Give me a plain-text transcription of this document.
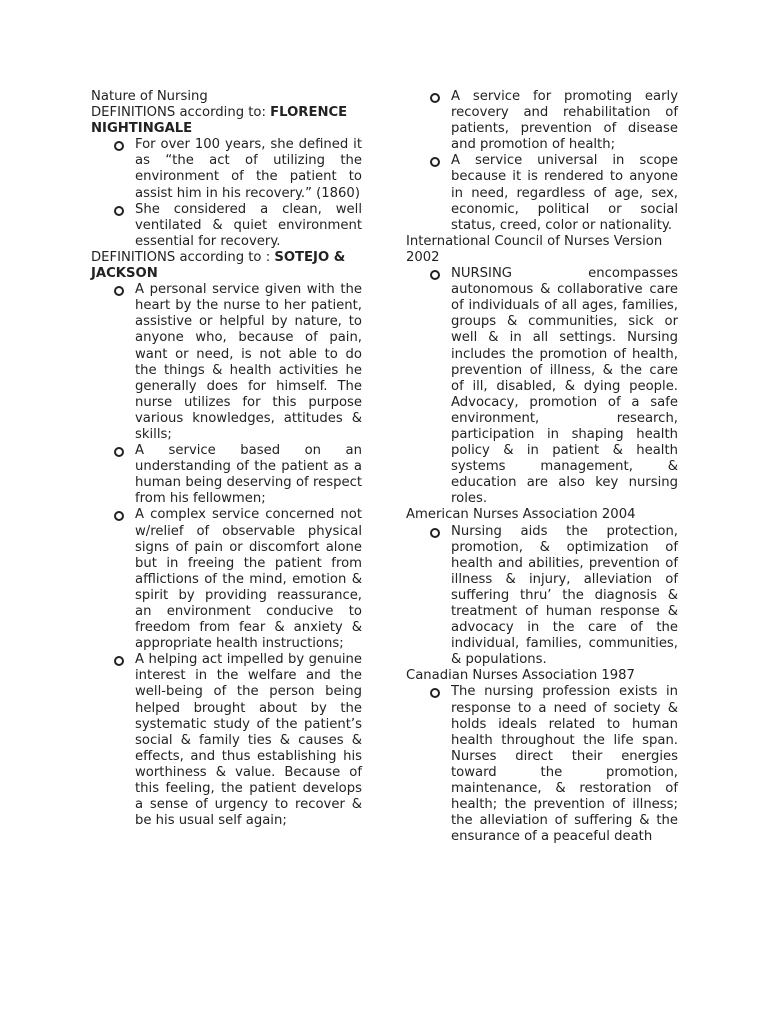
Nature of Nursing

DEFINITIONS according to: FLORENCE NIGHTINGALE

For over 100 years, she defined it as “the act of utilizing the environment of the patient to assist him in his recovery.” (1860)
She considered a clean, well ventilated & quiet environment essential for recovery.

DEFINITIONS according to : SOTEJO & JACKSON

A personal service given with the heart by the nurse to her patient, assistive or helpful by nature, to anyone who, because of pain, want or need, is not able to do the things & health activities he generally does for himself. The nurse utilizes for this purpose various knowledges, attitudes & skills;
A service based on an understanding of the patient as a human being deserving of respect from his fellowmen;
A complex service concerned not w/relief of observable physical signs of pain or discomfort alone but in freeing the patient from afflictions of the mind, emotion & spirit by providing reassurance, an environment conducive to freedom from fear & anxiety & appropriate health instructions;
A helping act impelled by genuine interest in the welfare and the well-being of the person being helped brought about by the systematic study of the patient’s social & family ties & causes & effects, and thus establishing his worthiness & value. Because of this feeling, the patient develops a sense of urgency to recover & be his usual self again;
A service for promoting early recovery and rehabilitation of patients, prevention of disease and promotion of health;
A service universal in scope because it is rendered to anyone in need, regardless of age, sex, economic, political or social status, creed, color or nationality.

International Council of Nurses Version 2002

NURSING encompasses autonomous & collaborative care of individuals of all ages, families, groups & communities, sick or well & in all settings. Nursing includes the promotion of health, prevention of illness, & the care of ill, disabled, & dying people. Advocacy, promotion of a safe environment, research, participation in shaping health policy & in patient & health systems management, & education are also key nursing roles.

American Nurses Association 2004

Nursing aids the protection, promotion, & optimization of health and abilities, prevention of illness & injury, alleviation of suffering thru’ the diagnosis & treatment of human response & advocacy in the care of the individual, families, communities, & populations.

Canadian Nurses Association 1987

The nursing profession exists in response to a need of society & holds ideals related to human health throughout the life span. Nurses direct their energies toward the promotion, maintenance, & restoration of health; the prevention of illness; the alleviation of suffering & the ensurance of a peaceful death
